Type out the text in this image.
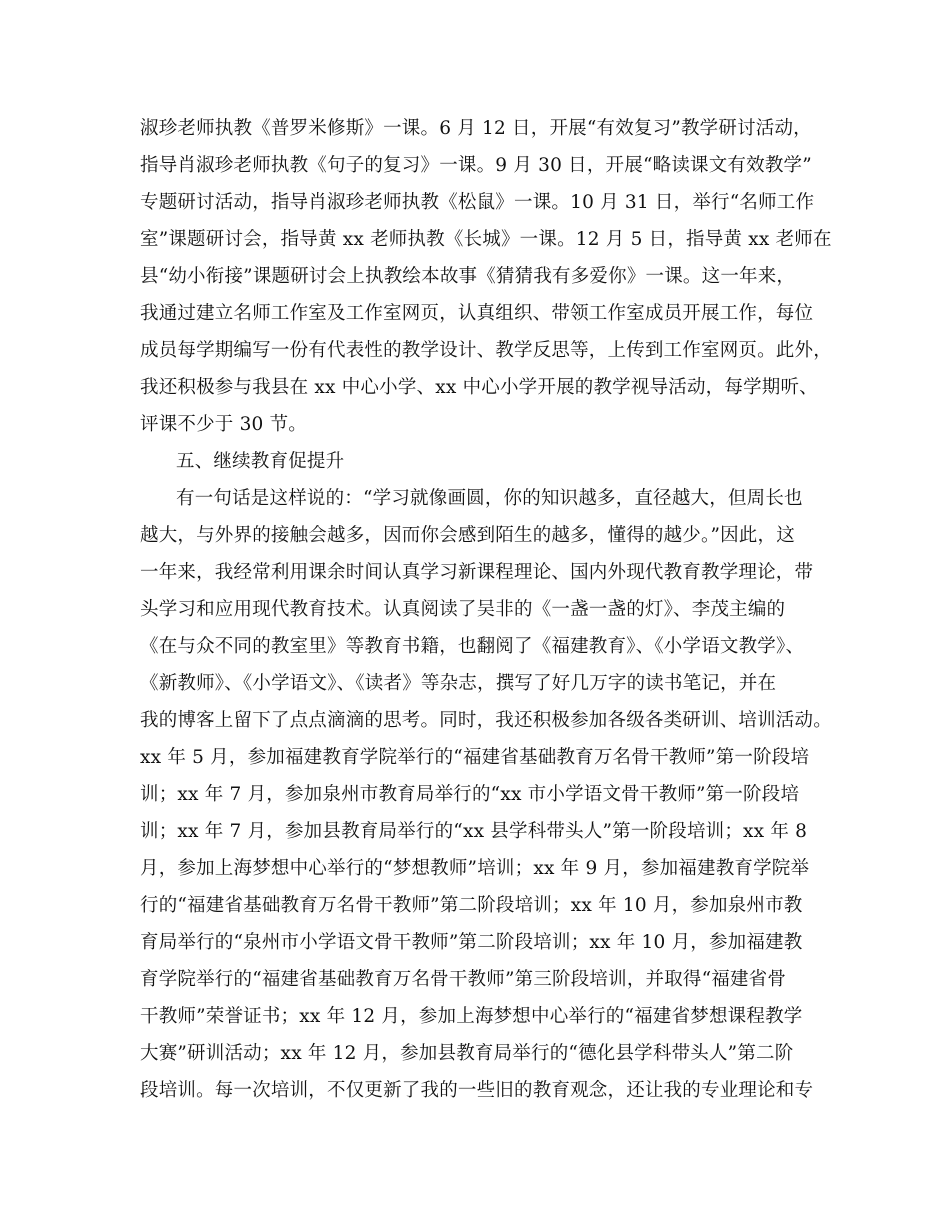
淑珍老师执教《普罗米修斯》一课。6 月 12 日，开展“有效复习”教学研讨活动，
指导肖淑珍老师执教《句子的复习》一课。9 月 30 日，开展“略读课文有效教学”
专题研讨活动，指导肖淑珍老师执教《松鼠》一课。10 月 31 日，举行“名师工作
室”课题研讨会，指导黄 xx 老师执教《长城》一课。12 月 5 日，指导黄 xx 老师在
县“幼小衔接”课题研讨会上执教绘本故事《猜猜我有多爱你》一课。这一年来，
我通过建立名师工作室及工作室网页，认真组织、带领工作室成员开展工作，每位
成员每学期编写一份有代表性的教学设计、教学反思等，上传到工作室网页。此外，
我还积极参与我县在 xx 中心小学、xx 中心小学开展的教学视导活动，每学期听、
评课不少于 30 节。
五、继续教育促提升
有一句话是这样说的：“学习就像画圆，你的知识越多，直径越大，但周长也
越大，与外界的接触会越多，因而你会感到陌生的越多，懂得的越少。”因此，这
一年来，我经常利用课余时间认真学习新课程理论、国内外现代教育教学理论，带
头学习和应用现代教育技术。认真阅读了吴非的《一盏一盏的灯》、李茂主编的
《在与众不同的教室里》等教育书籍，也翻阅了《福建教育》、《小学语文教学》、
《新教师》、《小学语文》、《读者》等杂志，撰写了好几万字的读书笔记，并在
我的博客上留下了点点滴滴的思考。同时，我还积极参加各级各类研训、培训活动。
xx 年 5 月，参加福建教育学院举行的“福建省基础教育万名骨干教师”第一阶段培
训；xx 年 7 月，参加泉州市教育局举行的“xx 市小学语文骨干教师”第一阶段培
训；xx 年 7 月，参加县教育局举行的“xx 县学科带头人”第一阶段培训；xx 年 8
月，参加上海梦想中心举行的“梦想教师”培训；xx 年 9 月，参加福建教育学院举
行的“福建省基础教育万名骨干教师”第二阶段培训；xx 年 10 月，参加泉州市教
育局举行的“泉州市小学语文骨干教师”第二阶段培训；xx 年 10 月，参加福建教
育学院举行的“福建省基础教育万名骨干教师”第三阶段培训，并取得“福建省骨
干教师”荣誉证书；xx 年 12 月，参加上海梦想中心举行的“福建省梦想课程教学
大赛”研训活动；xx 年 12 月，参加县教育局举行的“德化县学科带头人”第二阶
段培训。每一次培训，不仅更新了我的一些旧的教育观念，还让我的专业理论和专
